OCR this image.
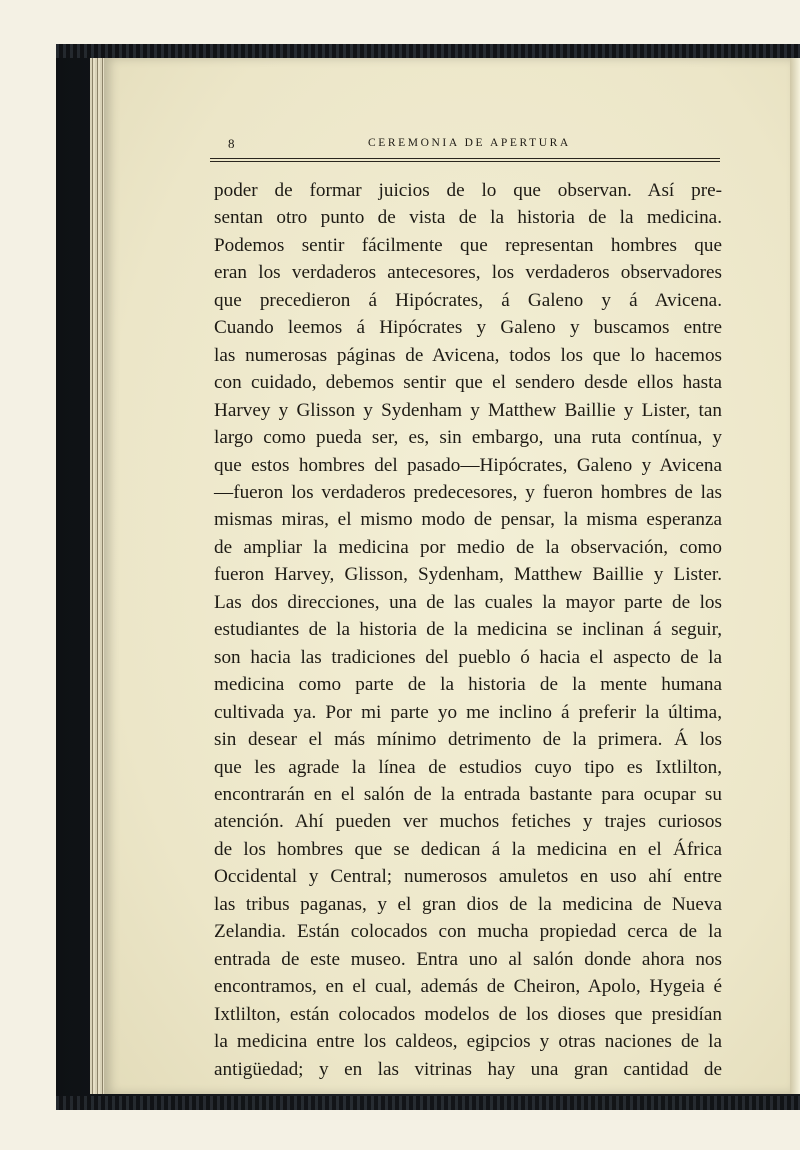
8	CEREMONIA DE APERTURA
poder de formar juicios de lo que observan. Así pre-
sentan otro punto de vista de la historia de la medicina.
Podemos sentir fácilmente que representan hombres que
eran los verdaderos antecesores, los verdaderos observadores
que precedieron á Hipócrates, á Galeno y á Avicena.
Cuando leemos á Hipócrates y Galeno y buscamos entre
las numerosas páginas de Avicena, todos los que lo hacemos
con cuidado, debemos sentir que el sendero desde ellos hasta
Harvey y Glisson y Sydenham y Matthew Baillie y Lister, tan
largo como pueda ser, es, sin embargo, una ruta contínua, y
que estos hombres del pasado—Hipócrates, Galeno y Avicena
—fueron los verdaderos predecesores, y fueron hombres de las
mismas miras, el mismo modo de pensar, la misma esperanza
de ampliar la medicina por medio de la observación, como
fueron Harvey, Glisson, Sydenham, Matthew Baillie y Lister.
Las dos direcciones, una de las cuales la mayor parte de los
estudiantes de la historia de la medicina se inclinan á seguir,
son hacia las tradiciones del pueblo ó hacia el aspecto de la
medicina como parte de la historia de la mente humana
cultivada ya. Por mi parte yo me inclino á preferir la última,
sin desear el más mínimo detrimento de la primera. Á los
que les agrade la línea de estudios cuyo tipo es Ixtlilton,
encontrarán en el salón de la entrada bastante para ocupar su
atención. Ahí pueden ver muchos fetiches y trajes curiosos
de los hombres que se dedican á la medicina en el África
Occidental y Central; numerosos amuletos en uso ahí entre
las tribus paganas, y el gran dios de la medicina de Nueva
Zelandia. Están colocados con mucha propiedad cerca de la
entrada de este museo. Entra uno al salón donde ahora nos
encontramos, en el cual, además de Cheiron, Apolo, Hygeia é
Ixtlilton, están colocados modelos de los dioses que presidían
la medicina entre los caldeos, egipcios y otras naciones de la
antigüedad; y en las vitrinas hay una gran cantidad de
